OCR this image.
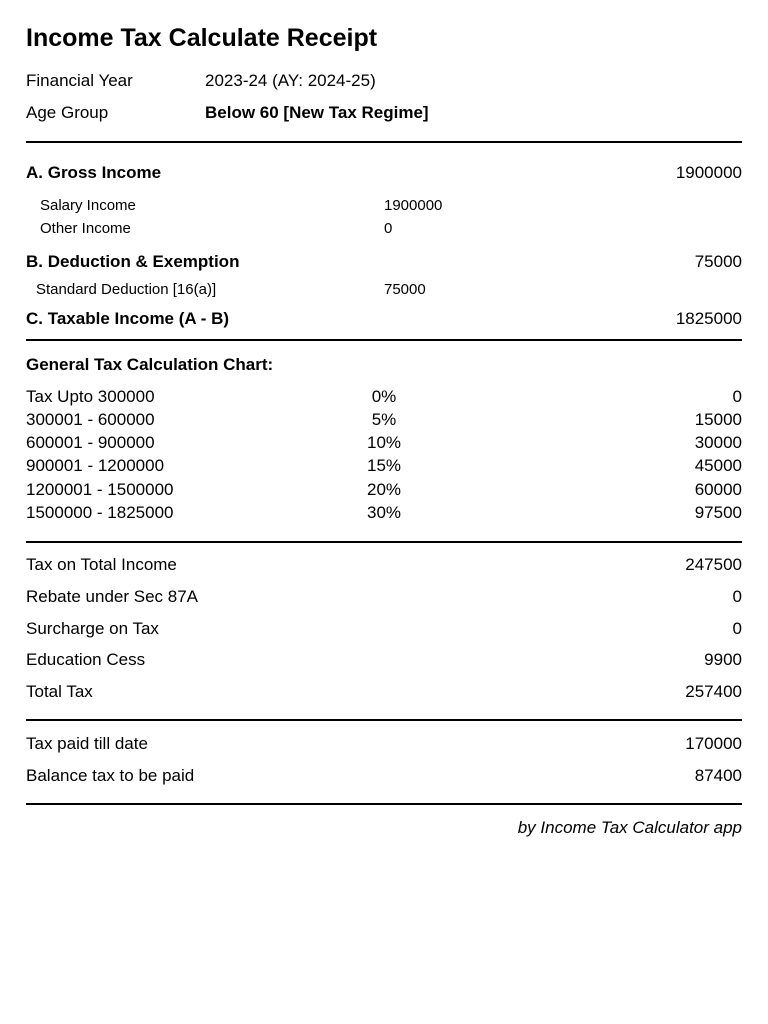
Income Tax Calculate Receipt
Financial Year	2023-24 (AY: 2024-25)
Age Group	Below 60 [New Tax Regime]
A. Gross Income	1900000
Salary Income	1900000
Other Income	0
B. Deduction & Exemption	75000
Standard Deduction [16(a)]	75000
C. Taxable Income (A - B)	1825000
General Tax Calculation Chart:
Tax Upto 300000	0%	0
300001 - 600000	5%	15000
600001 - 900000	10%	30000
900001 - 1200000	15%	45000
1200001 - 1500000	20%	60000
1500000 - 1825000	30%	97500
Tax on Total Income	247500
Rebate under Sec 87A	0
Surcharge on Tax	0
Education Cess	9900
Total Tax	257400
Tax paid till date	170000
Balance tax to be paid	87400
by Income Tax Calculator app
